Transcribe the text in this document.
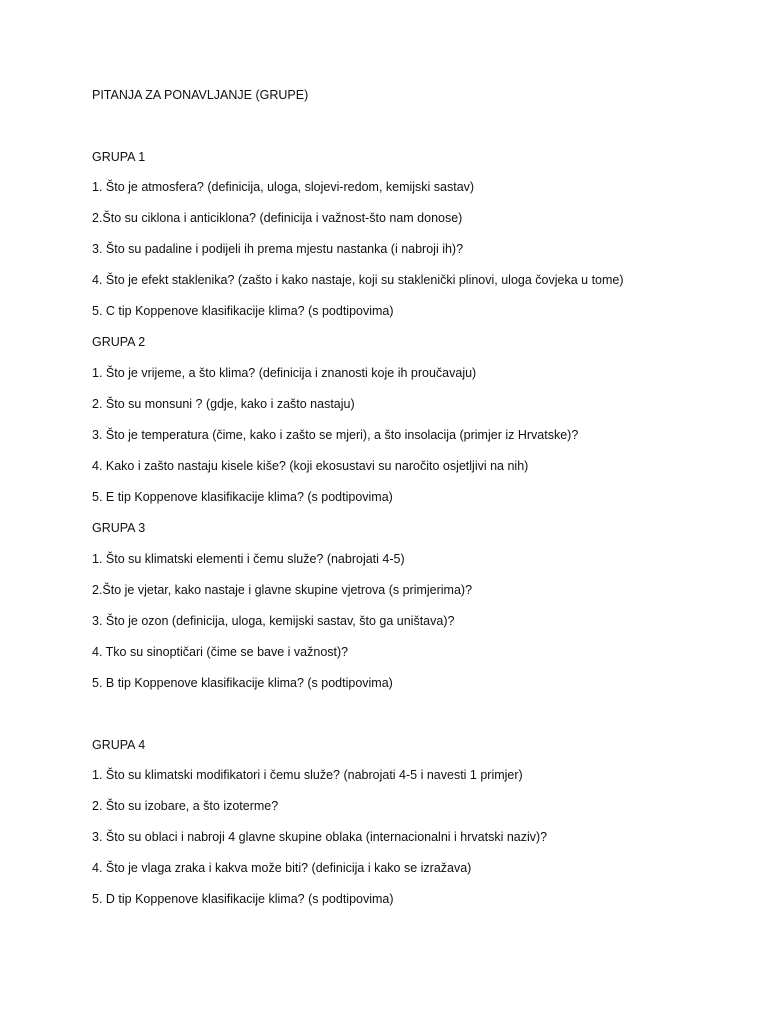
PITANJA ZA PONAVLJANJE (GRUPE)
GRUPA 1
1. Što je atmosfera? (definicija, uloga, slojevi-redom, kemijski sastav)
2.Što su ciklona i anticiklona? (definicija i važnost-što nam donose)
3. Što su padaline i podijeli ih prema mjestu nastanka (i nabroji ih)?
4. Što je efekt staklenika? (zašto i kako nastaje, koji su staklenički plinovi, uloga čovjeka u tome)
5. C tip Koppenove klasifikacije klima? (s podtipovima)
GRUPA 2
1. Što je vrijeme, a što klima? (definicija i znanosti koje ih proučavaju)
2. Što su monsuni ? (gdje, kako i zašto nastaju)
3. Što je temperatura (čime, kako i zašto se mjeri), a što insolacija (primjer iz Hrvatske)?
4. Kako i zašto nastaju kisele kiše? (koji ekosustavi su naročito osjetljivi na nih)
5. E tip Koppenove klasifikacije klima? (s podtipovima)
GRUPA 3
1. Što su klimatski elementi i čemu služe? (nabrojati 4-5)
2.Što je vjetar, kako nastaje i glavne skupine vjetrova (s primjerima)?
3. Što je ozon (definicija, uloga, kemijski sastav, što ga uništava)?
4. Tko su sinoptičari (čime se bave i važnost)?
5. B tip Koppenove klasifikacije klima? (s podtipovima)
GRUPA 4
1. Što su klimatski modifikatori i čemu služe? (nabrojati 4-5 i navesti 1 primjer)
2. Što su izobare, a što izoterme?
3. Što su oblaci i nabroji 4 glavne skupine oblaka (internacionalni i hrvatski naziv)?
4. Što je vlaga zraka i kakva može biti? (definicija i kako se izražava)
5. D tip Koppenove klasifikacije klima? (s podtipovima)
